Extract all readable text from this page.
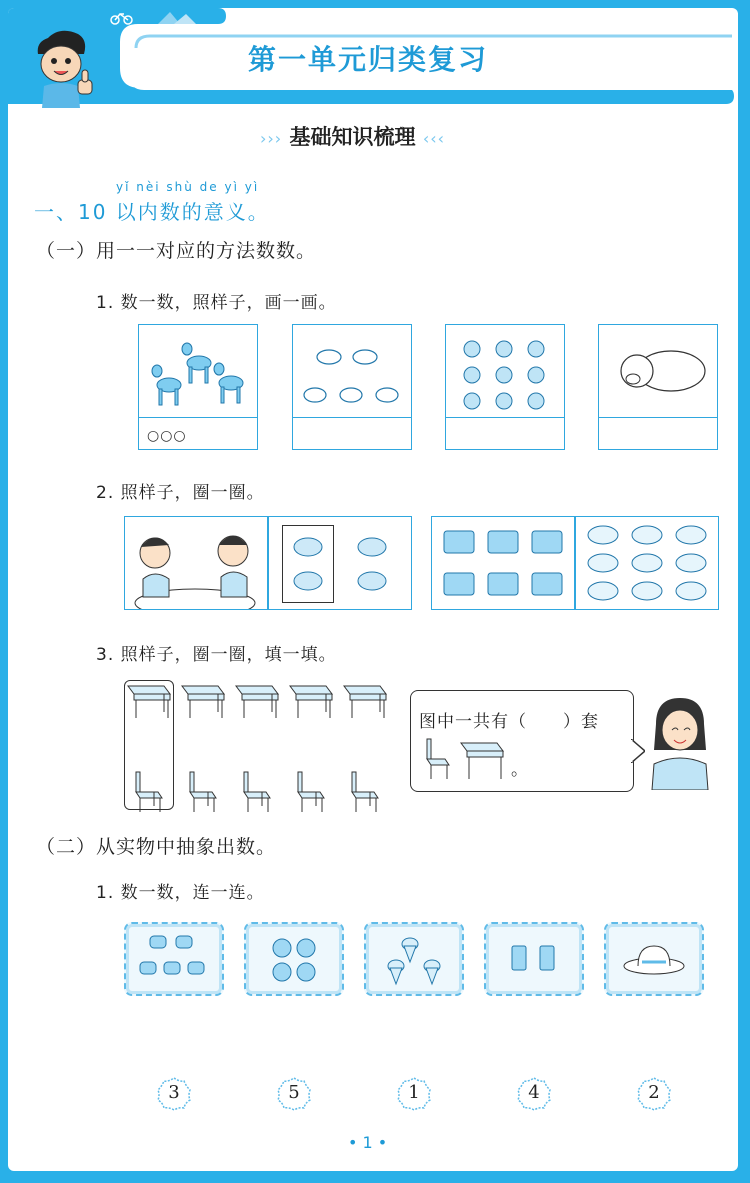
第一单元归类复习
››› 基础知识梳理 ‹‹‹
yǐ nèi shù de yì yì
一、10 以内数的意义。
（一）用一一对应的方法数数。
1. 数一数，照样子，画一画。
○○○
2. 照样子，圈一圈。
3. 照样子，圈一圈，填一填。
图中一共有（　　）套
。
（二）从实物中抽象出数。
1. 数一数，连一连。
3	5	1	4	2
• 1 •
